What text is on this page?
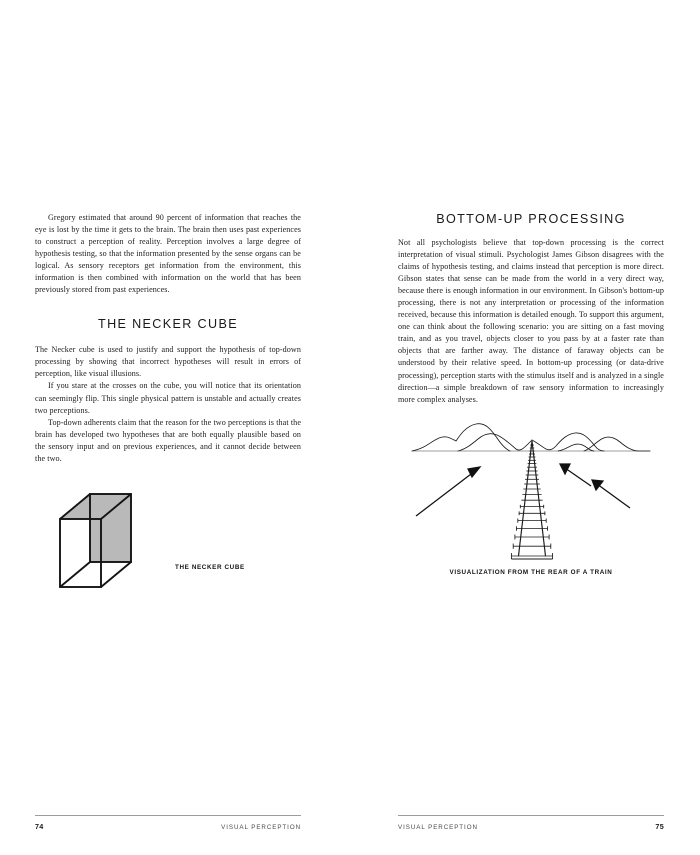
Gregory estimated that around 90 percent of information that reaches the eye is lost by the time it gets to the brain. The brain then uses past experiences to construct a perception of reality. Perception involves a large degree of hypothesis testing, so that the information presented by the sense organs can be logical. As sensory receptors get information from the environment, this information is then combined with information on the world that has been previously stored from past experiences.

THE NECKER CUBE

The Necker cube is used to justify and support the hypothesis of top-down processing by showing that incorrect hypotheses will result in errors of perception, like visual illusions.

If you stare at the crosses on the cube, you will notice that its orientation can seemingly flip. This single physical pattern is unstable and actually creates two perceptions.

Top-down adherents claim that the reason for the two perceptions is that the brain has developed two hypotheses that are both equally plausible based on the sensory input and on previous experiences, and it cannot decide between the two.

THE NECKER CUBE
74	VISUAL PERCEPTION
BOTTOM-UP PROCESSING

Not all psychologists believe that top-down processing is the correct interpretation of visual stimuli. Psychologist James Gibson disagrees with the claims of hypothesis testing, and claims instead that perception is more direct. Gibson states that sense can be made from the world in a very direct way, because there is enough information in our environment. In Gibson's bottom-up processing, there is not any interpretation or processing of the information received, because this information is detailed enough. To support this argument, one can think about the following scenario: you are sitting on a fast moving train, and as you travel, objects closer to you pass by at a faster rate than objects that are farther away. The distance of faraway objects can be understood by their relative speed. In bottom-up processing (or data-drive processing), perception starts with the stimulus itself and is analyzed in a single direction—a simple breakdown of raw sensory information to increasingly more complex analyses.

VISUALIZATION FROM THE REAR OF A TRAIN
VISUAL PERCEPTION	75
